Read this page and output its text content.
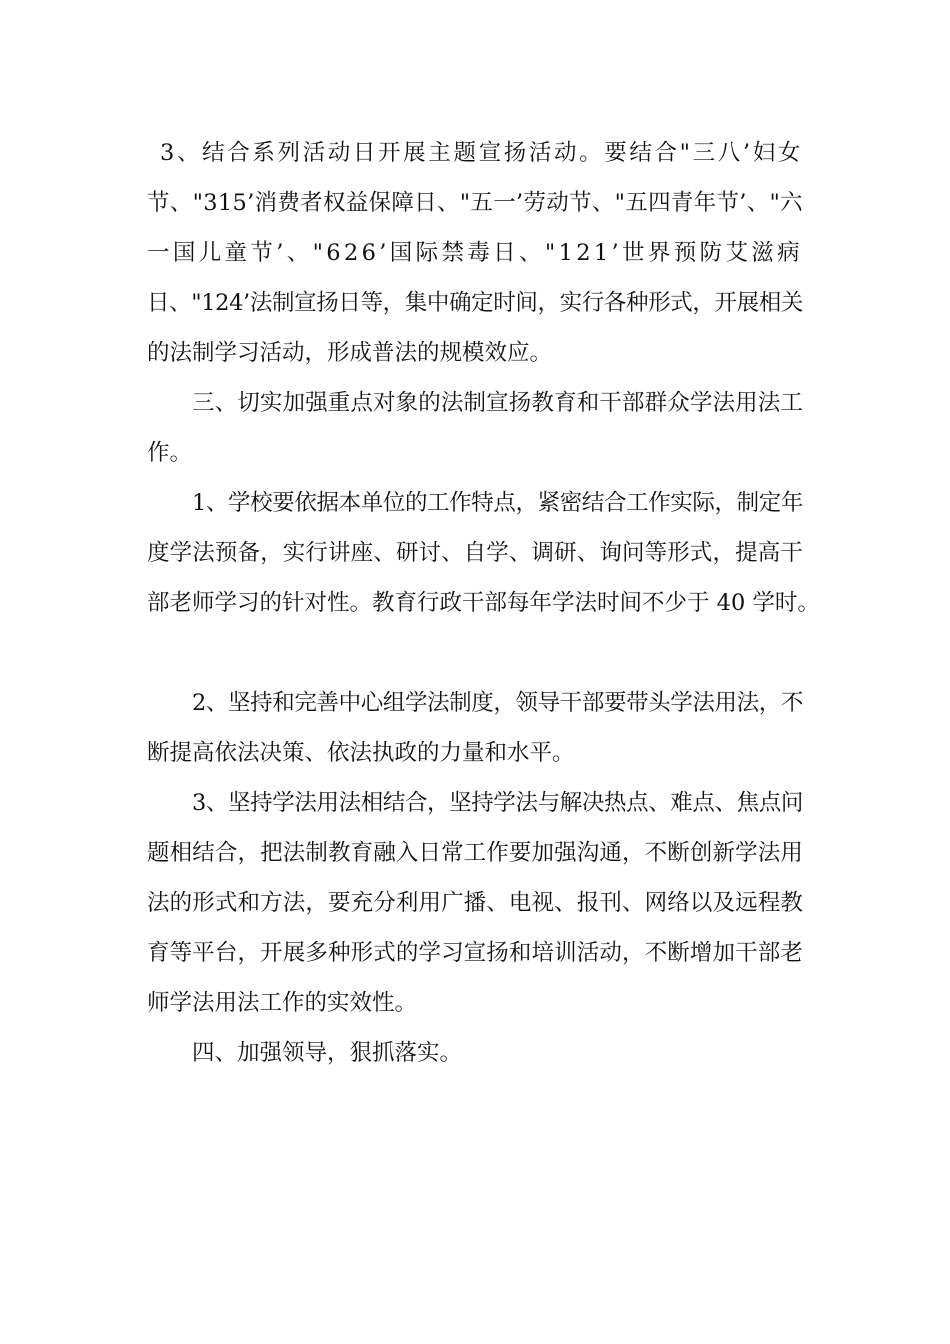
3、结合系列活动日开展主题宣扬活动。要结合"三八’妇女
节、"315’消费者权益保障日、"五一’劳动节、"五四青年节’、"六
一国儿童节’、"626’国际禁毒日、"121’世界预防艾滋病
日、"124’法制宣扬日等，集中确定时间，实行各种形式，开展相关
的法制学习活动，形成普法的规模效应。
三、切实加强重点对象的法制宣扬教育和干部群众学法用法工
作。
1、学校要依据本单位的工作特点，紧密结合工作实际，制定年
度学法预备，实行讲座、研讨、自学、调研、询问等形式，提高干
部老师学习的针对性。教育行政干部每年学法时间不少于 40 学时。
2、坚持和完善中心组学法制度，领导干部要带头学法用法，不
断提高依法决策、依法执政的力量和水平。
3、坚持学法用法相结合，坚持学法与解决热点、难点、焦点问
题相结合，把法制教育融入日常工作要加强沟通，不断创新学法用
法的形式和方法，要充分利用广播、电视、报刊、网络以及远程教
育等平台，开展多种形式的学习宣扬和培训活动，不断增加干部老
师学法用法工作的实效性。
四、加强领导，狠抓落实。
